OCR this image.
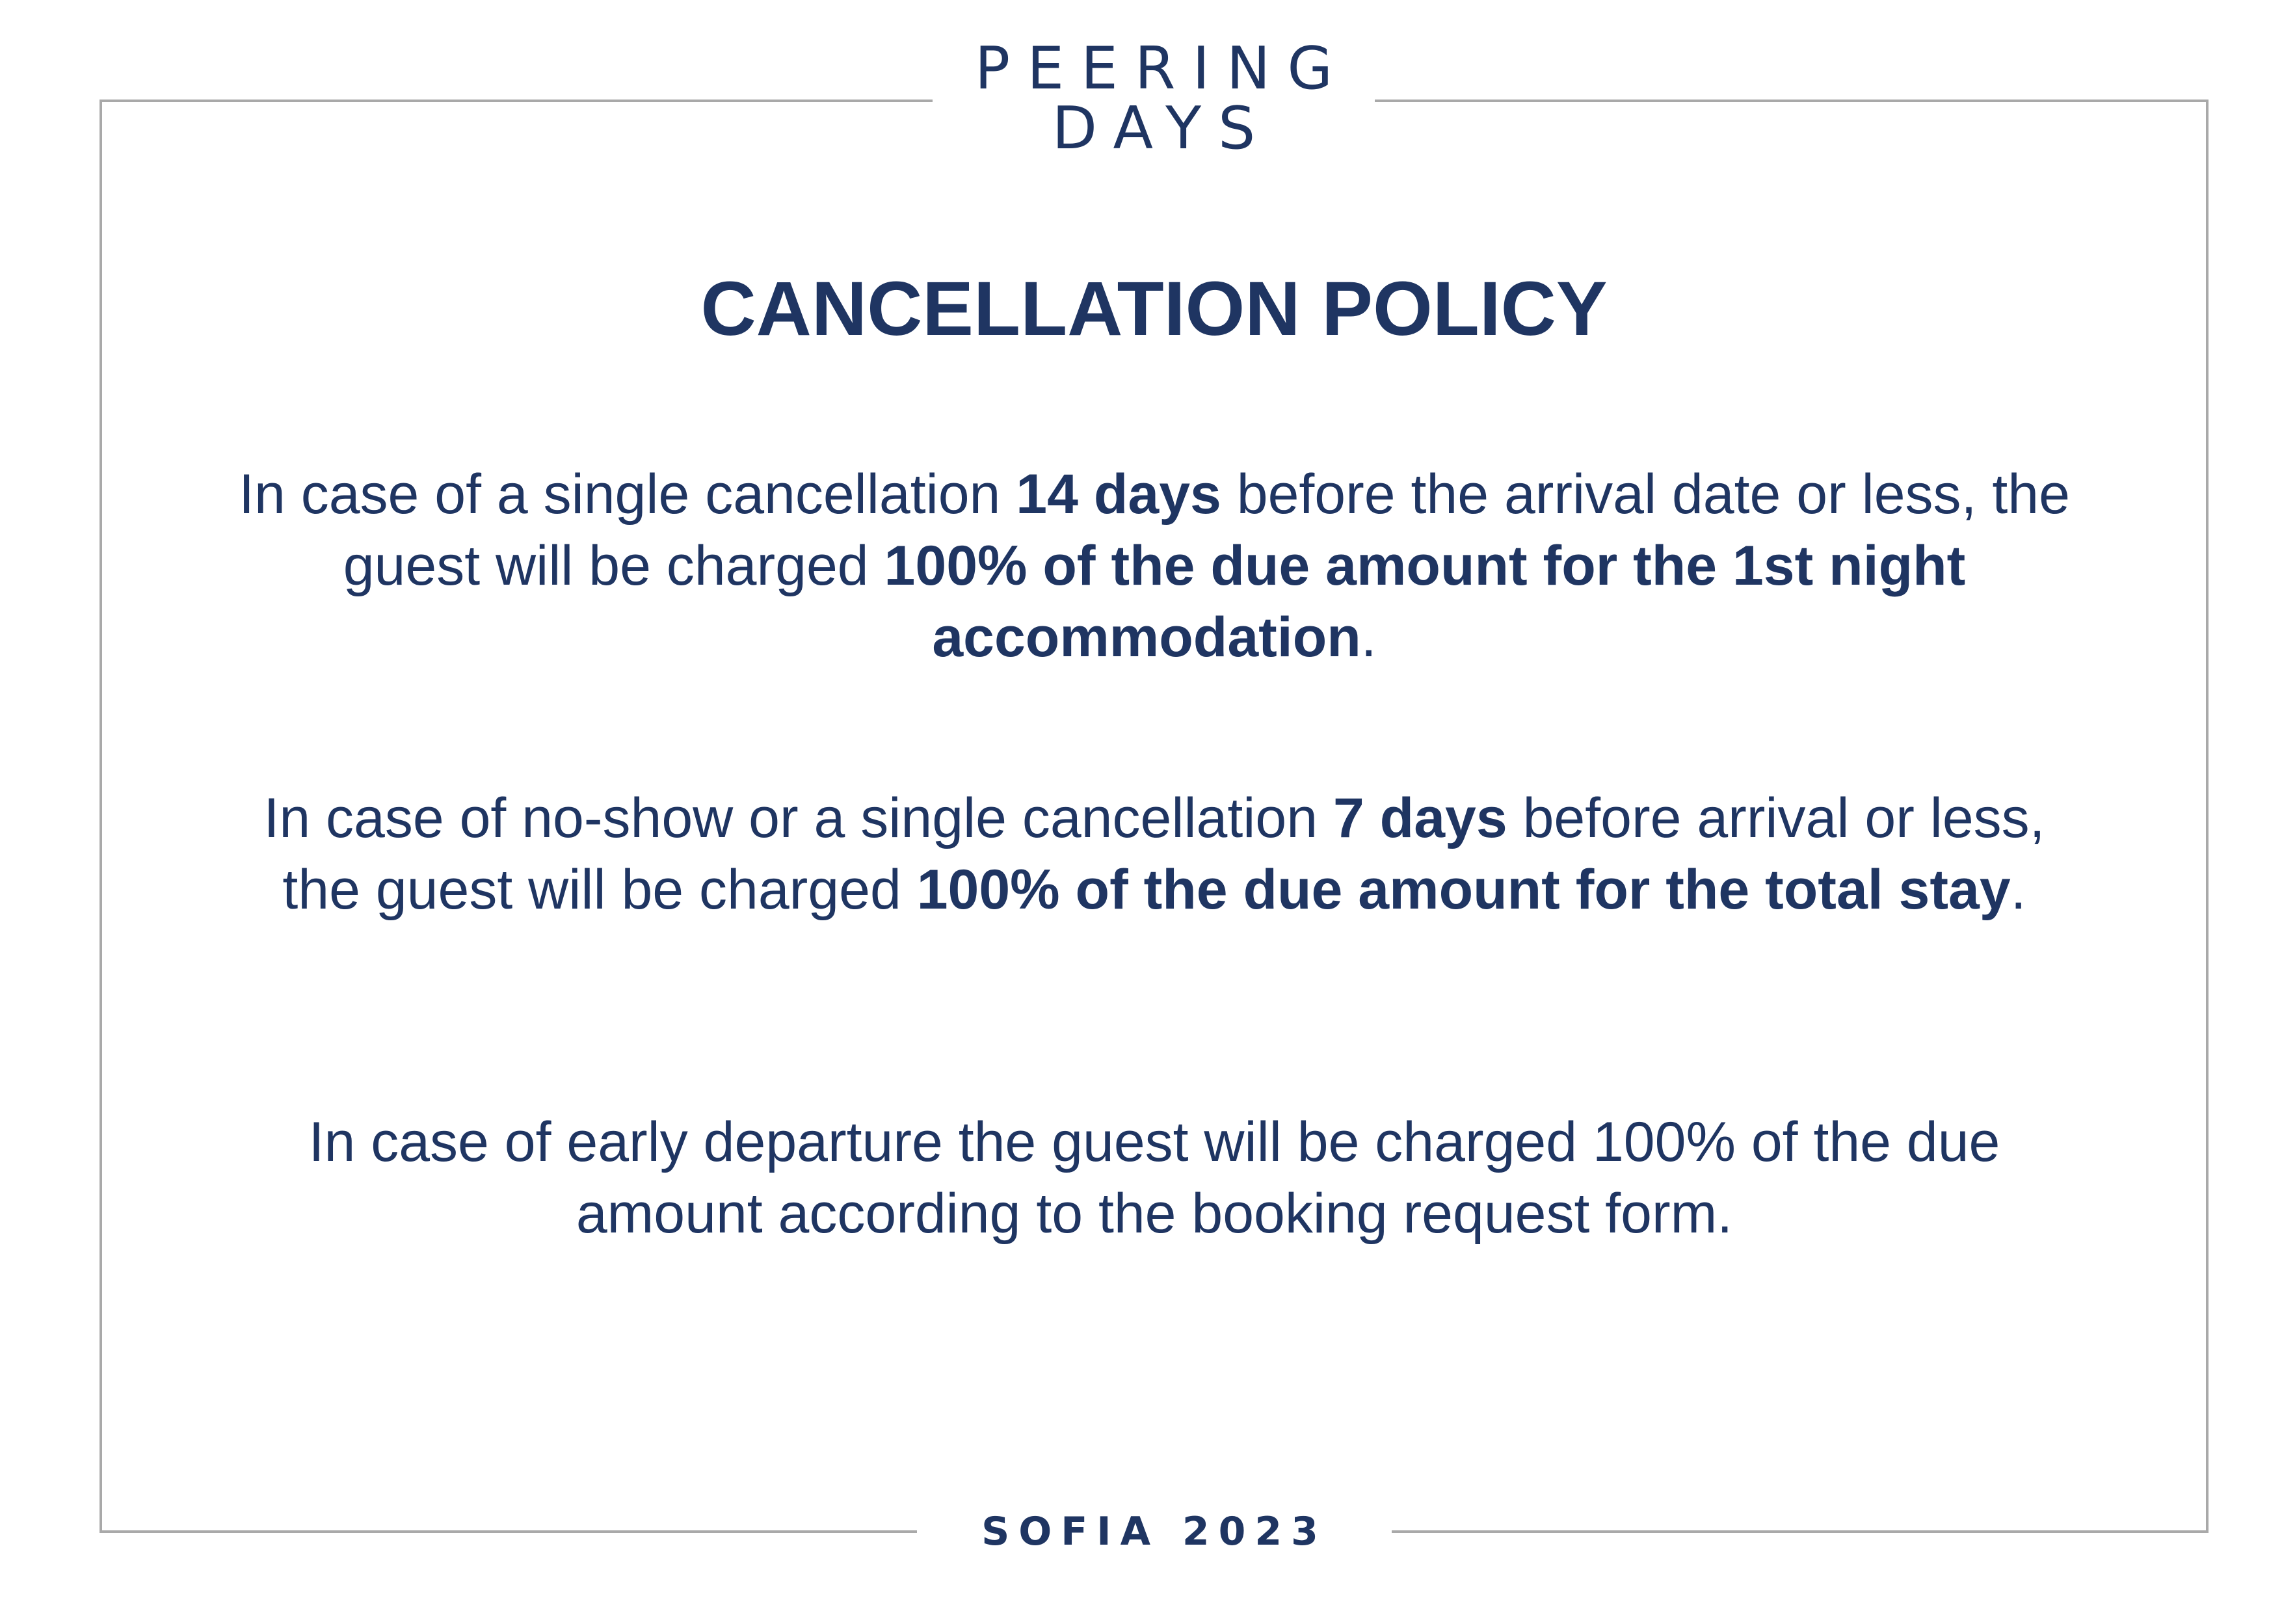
PEERING
DAYS
CANCELLATION POLICY

In case of a single cancellation 14 days before the arrival date or less, the guest will be charged 100% of the due amount for the 1st night accommodation.

In case of no-show or a single cancellation 7 days before arrival or less, the guest will be charged 100% of the due amount for the total stay.

In case of early departure the guest will be charged 100% of the due amount according to the booking request form.

SOFIA 2023
